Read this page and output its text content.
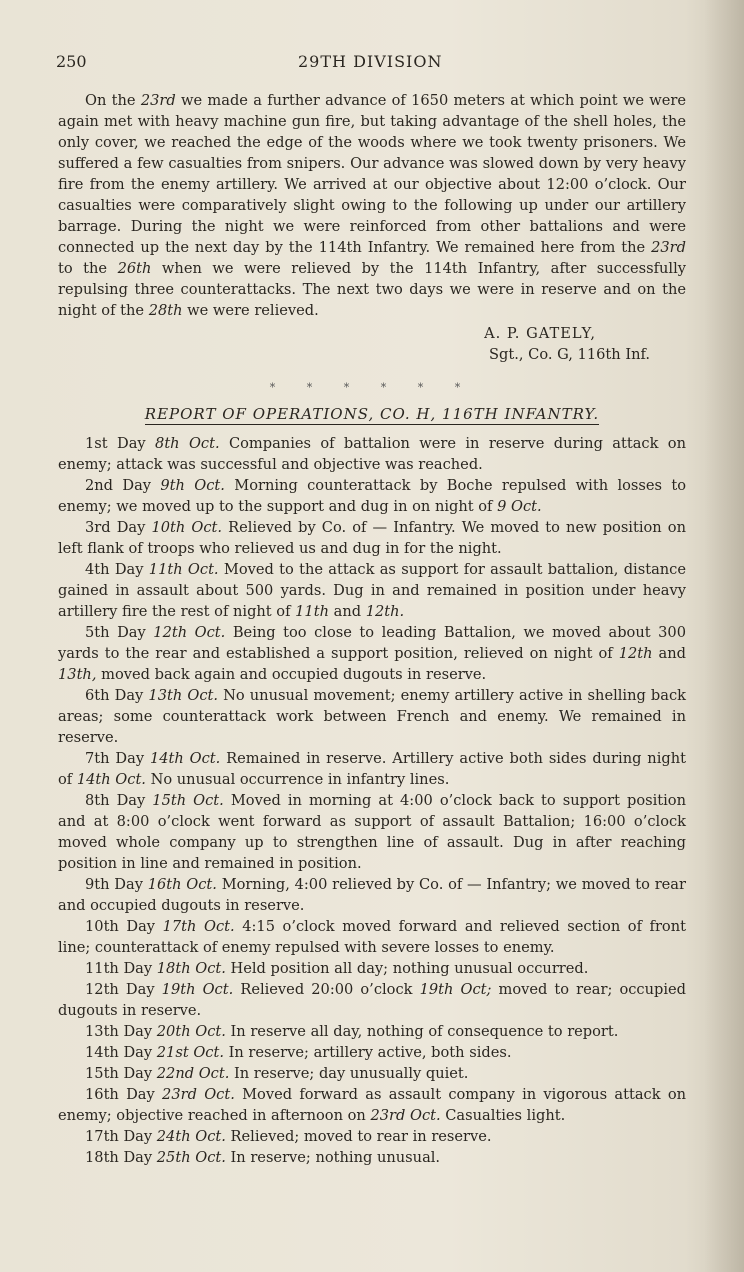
250	29TH DIVISION

On the 23rd we made a further advance of 1650 meters at which point we were again met with heavy machine gun fire, but taking advantage of the shell holes, the only cover, we reached the edge of the woods where we took twenty prisoners. We suffered a few casualties from snipers. Our advance was slowed down by very heavy fire from the enemy artillery. We arrived at our objective about 12:00 o’clock. Our casualties were comparatively slight owing to the following up under our artillery barrage. During the night we were reinforced from other battalions and were connected up the next day by the 114th Infantry. We remained here from the 23rd to the 26th when we were relieved by the 114th Infantry, after successfully repulsing three counterattacks. The next two days we were in reserve and on the night of the 28th we were relieved.

A. P. GATELY,
Sgt., Co. G, 116th Inf.
* * * * * *
REPORT OF OPERATIONS, CO. H, 116TH INFANTRY.

1st Day 8th Oct. Companies of battalion were in reserve during attack on enemy; attack was successful and objective was reached.

2nd Day 9th Oct. Morning counterattack by Boche repulsed with losses to enemy; we moved up to the support and dug in on night of 9 Oct.

3rd Day 10th Oct. Relieved by Co. of — Infantry. We moved to new position on left flank of troops who relieved us and dug in for the night.

4th Day 11th Oct. Moved to the attack as support for assault battalion, distance gained in assault about 500 yards. Dug in and remained in position under heavy artillery fire the rest of night of 11th and 12th.

5th Day 12th Oct. Being too close to leading Battalion, we moved about 300 yards to the rear and established a support position, relieved on night of 12th and 13th, moved back again and occupied dugouts in reserve.

6th Day 13th Oct. No unusual movement; enemy artillery active in shelling back areas; some counterattack work between French and enemy. We remained in reserve.

7th Day 14th Oct. Remained in reserve. Artillery active both sides during night of 14th Oct. No unusual occurrence in infantry lines.

8th Day 15th Oct. Moved in morning at 4:00 o’clock back to support position and at 8:00 o’clock went forward as support of assault Battalion; 16:00 o’clock moved whole company up to strengthen line of assault. Dug in after reaching position in line and remained in position.

9th Day 16th Oct. Morning, 4:00 relieved by Co. of — Infantry; we moved to rear and occupied dugouts in reserve.

10th Day 17th Oct. 4:15 o’clock moved forward and relieved section of front line; counterattack of enemy repulsed with severe losses to enemy.

11th Day 18th Oct. Held position all day; nothing unusual occurred.

12th Day 19th Oct. Relieved 20:00 o’clock 19th Oct; moved to rear; occupied dugouts in reserve.

13th Day 20th Oct. In reserve all day, nothing of consequence to report.

14th Day 21st Oct. In reserve; artillery active, both sides.

15th Day 22nd Oct. In reserve; day unusually quiet.

16th Day 23rd Oct. Moved forward as assault company in vigorous attack on enemy; objective reached in afternoon on 23rd Oct. Casualties light.

17th Day 24th Oct. Relieved; moved to rear in reserve.

18th Day 25th Oct. In reserve; nothing unusual.
